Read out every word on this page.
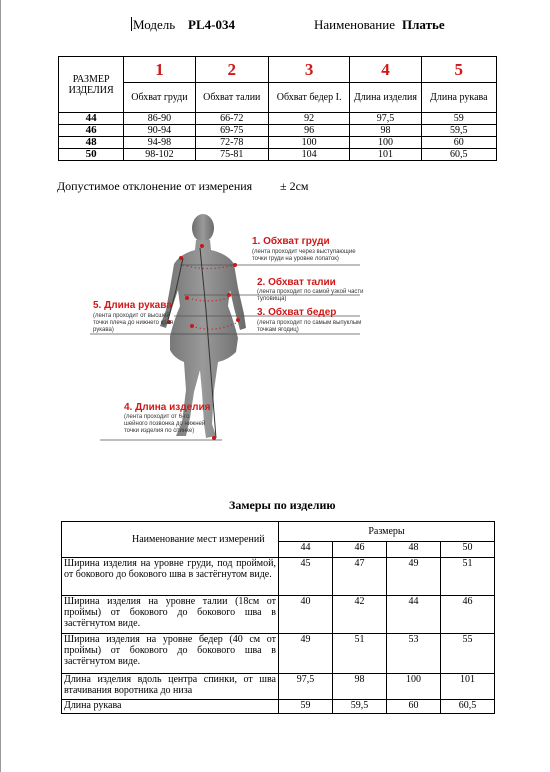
Модель PL4-034	Наименование Платье
РАЗМЕР ИЗДЕЛИЯ	1	2	3	4	5
	Обхват груди	Обхват талии	Обхват бедер I.	Длина изделия	Длина рукава
44	86-90	66-72	92	97,5	59
46	90-94	69-75	96	98	59,5
48	94-98	72-78	100	100	60
50	98-102	75-81	104	101	60,5
Допустимое отклонение от измерения ± 2см
1. Обхват груди
(лента проходит через выступающие точки груди на уровне лопаток)
2. Обхват талии
(лента проходит по самой узкой части туловища)
3. Обхват бедер
(лента проходит по самым выпуклым точкам ягодиц)
4. Длина изделия
(лента проходит от 6-го шейного позвонка до нижней точки изделия по спинке)
5. Длина рукава
(лента проходит от высшей точки плеча до нижнего края рукава)
Замеры по изделию
Наименование мест измерений	Размеры			
	44	46	48	50
Ширина изделия на уровне груди, под проймой, от бокового до бокового шва в застёгнутом виде.	45	47	49	51
Ширина изделия на уровне талии (18см от проймы) от бокового до бокового шва в застёгнутом виде.	40	42	44	46
Ширина изделия на уровне бедер (40 см от проймы) от бокового до бокового шва в застёгнутом виде.	49	51	53	55
Длина изделия вдоль центра спинки, от шва втачивания воротника до низа	97,5	98	100	101
Длина рукава	59	59,5	60	60,5
